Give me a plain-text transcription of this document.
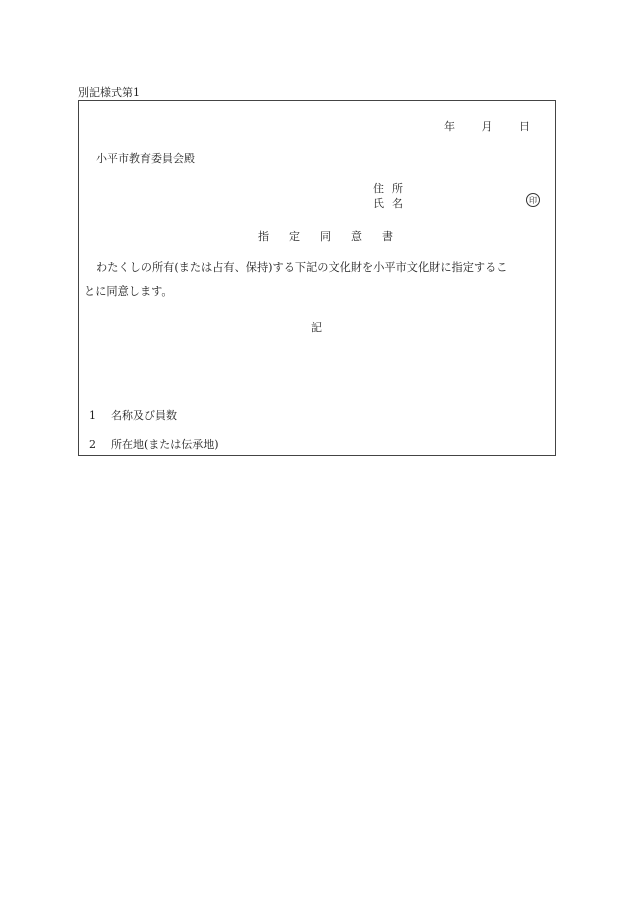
別記様式第1
年 月 日
小平市教育委員会殿
住所
氏名	印
指定同意書
わたくしの所有(または占有、保持)する下記の文化財を小平市文化財に指定するこ
とに同意します。
記
1 名称及び員数
2 所在地(または伝承地)
